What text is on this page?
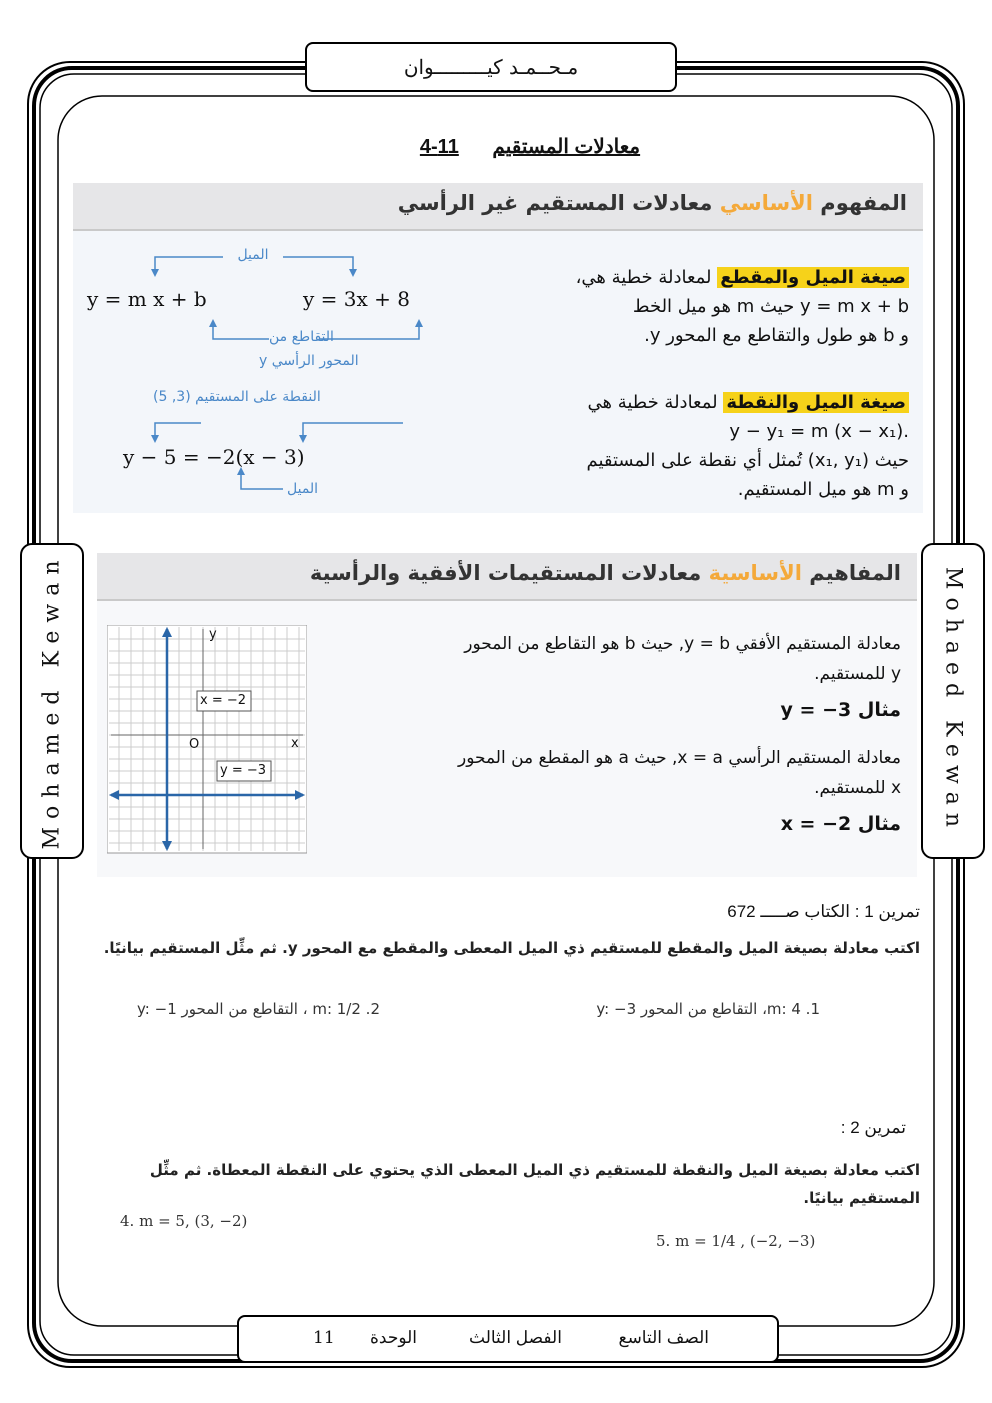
مـحــمـد كيـــــــــوان
معادلات المستقيم 11-4
Mohamed Kewan	Mohaed Kewan
المفهوم الأساسي معادلات المستقيم غير الرأسي
صيغة الميل والمقطع لمعادلة خطية هي،
y = m x + b حيث m هو ميل الخط
و b هو طول والتقاطع مع المحور y.
صيغة الميل والنقطة لمعادلة خطية هي
.y − y₁ = m (x − x₁)
حيث (x₁, y₁) تُمثل أي نقطة على المستقيم
و m هو ميل المستقيم.
الميل
y = m x + b	y = 3x + 8
التقاطع من
المحور الرأسي y
النقطة على المستقيم (3, 5)
y − 5 = −2(x − 3)
الميل
المفاهيم الأساسية معادلات المستقيمات الأفقية والرأسية
y
x
O
x = −2
y = −3
معادلة المستقيم الأفقي y = b, حيث b هو التقاطع من المحور
y للمستقيم.
مثال y = −3
معادلة المستقيم الرأسي x = a, حيث a هو المقطع من المحور
x للمستقيم.
مثال x = −2
تمرين 1 : الكتاب صـــــ 672
اكتب معادلة بصيغة الميل والمقطع للمستقيم ذي الميل المعطى والمقطع مع المحور y. ثم مثِّل المستقيم بيانيًا.
1. m: 4، التقاطع من المحور y: −3
2. m: 1/2 ، التقاطع من المحور y: −1
تمرين 2 :
اكتب معادلة بصيغة الميل والنقطة للمستقيم ذي الميل المعطى الذي يحتوي على النقطة المعطاة. ثم مثِّل المستقيم بيانيًا.
4. m = 5, (3, −2)
5. m = 1/4 , (−2, −3)
الصف التاسع
الفصل الثالث
الوحدة
11
